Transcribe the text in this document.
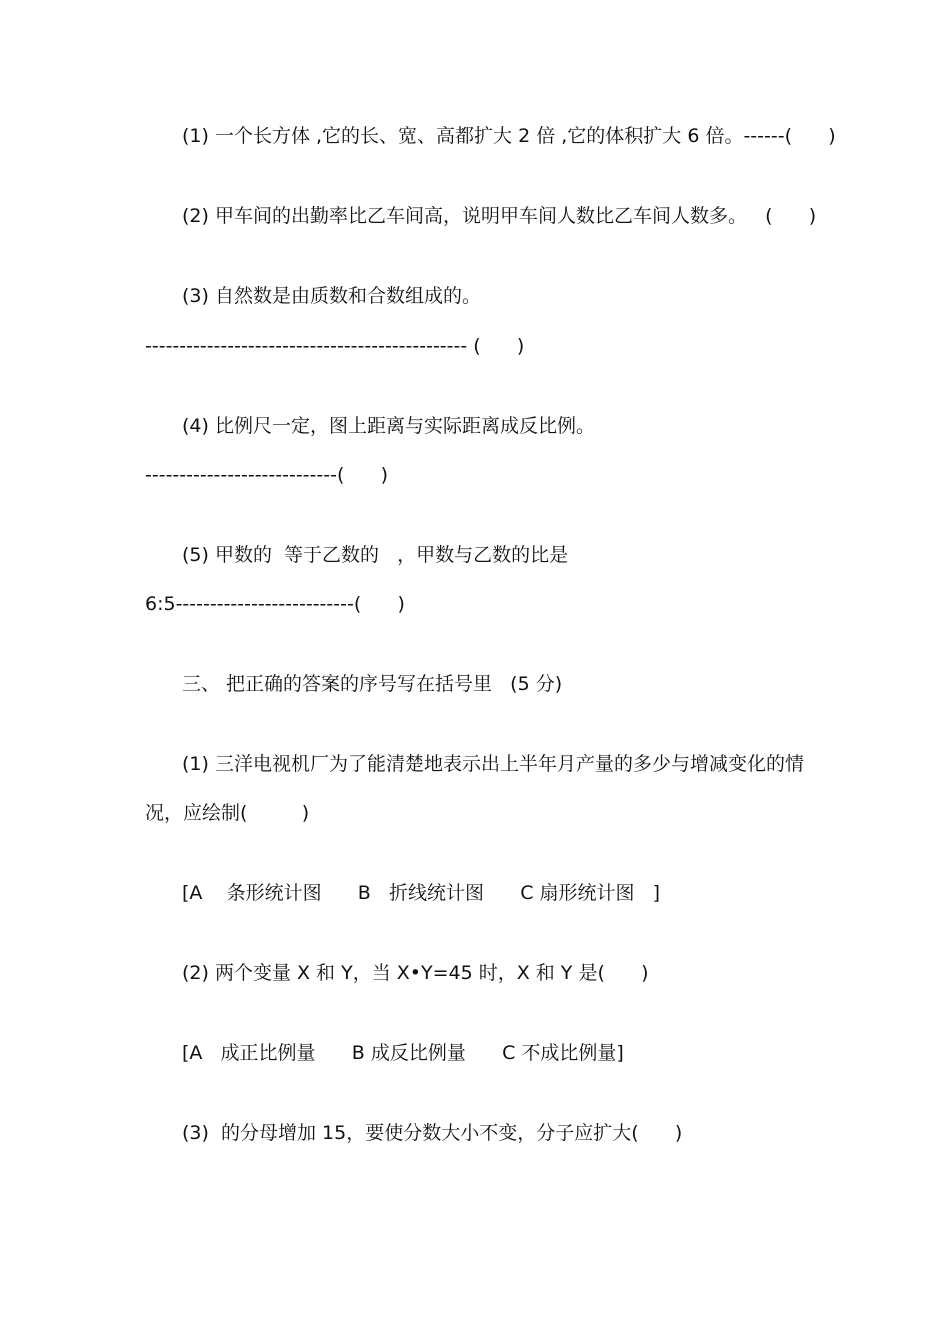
(1) 一个长方体 ,它的长、宽、高都扩大 2 倍 ,它的体积扩大 6 倍。------(      )
(2) 甲车间的出勤率比乙车间高，说明甲车间人数比乙车间人数多。   (      )
(3) 自然数是由质数和合数组成的。
----------------------------------------------- (      )
(4) 比例尺一定，图上距离与实际距离成反比例。
----------------------------(      )
(5) 甲数的  等于乙数的   ，甲数与乙数的比是
6:5--------------------------(      )
三、 把正确的答案的序号写在括号里   (5 分)
(1) 三洋电视机厂为了能清楚地表示出上半年月产量的多少与增减变化的情
况，应绘制(         )
[A    条形统计图      B   折线统计图      C 扇形统计图   ]
(2) 两个变量 X 和 Y，当 X•Y=45 时，X 和 Y 是(      )
[A   成正比例量      B 成反比例量      C 不成比例量]
(3)  的分母增加 15，要使分数大小不变，分子应扩大(      )
